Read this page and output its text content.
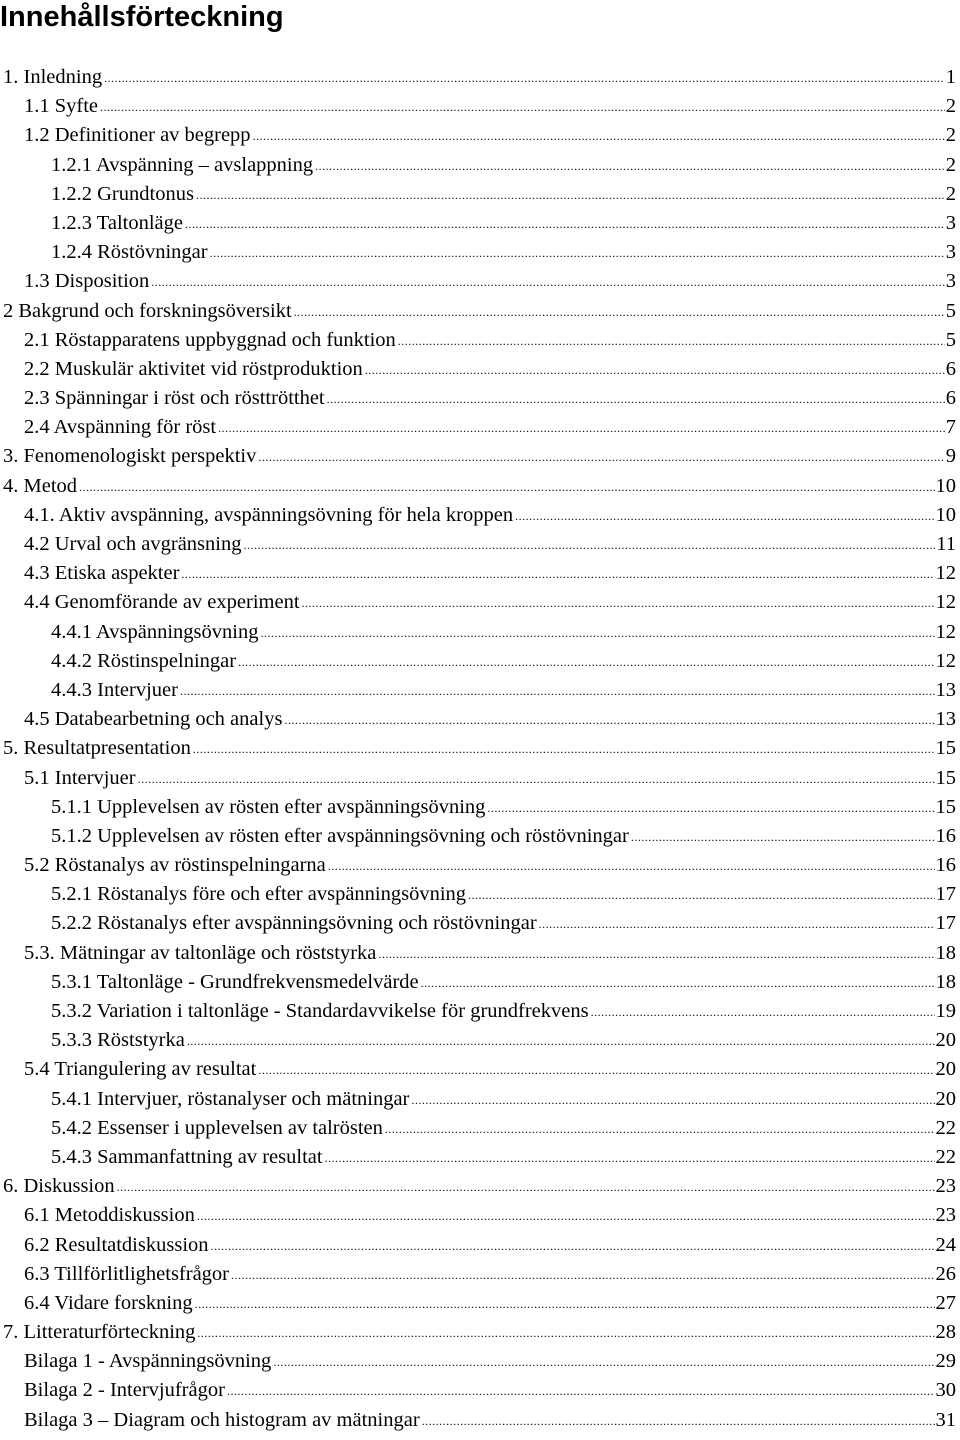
Innehållsförteckning
1. Inledning .....	1
1.1 Syfte .....	2
1.2 Definitioner av begrepp .....	2
1.2.1 Avspänning – avslappning .....	2
1.2.2 Grundtonus .....	2
1.2.3 Taltonläge .....	3
1.2.4 Röstövningar .....	3
1.3 Disposition .....	3
2 Bakgrund och forskningsöversikt .....	5
2.1 Röstapparatens uppbyggnad och funktion .....	5
2.2 Muskulär aktivitet vid röstproduktion .....	6
2.3 Spänningar i röst och rösttrötthet .....	6
2.4 Avspänning för röst .....	7
3. Fenomenologiskt perspektiv .....	9
4. Metod .....	10
4.1. Aktiv avspänning, avspänningsövning för hela kroppen .....	10
4.2 Urval och avgränsning .....	11
4.3 Etiska aspekter .....	12
4.4 Genomförande av experiment .....	12
4.4.1 Avspänningsövning .....	12
4.4.2 Röstinspelningar .....	12
4.4.3 Intervjuer .....	13
4.5 Databearbetning och analys .....	13
5. Resultatpresentation .....	15
5.1 Intervjuer .....	15
5.1.1 Upplevelsen av rösten efter avspänningsövning .....	15
5.1.2 Upplevelsen av rösten efter avspänningsövning och röstövningar .....	16
5.2 Röstanalys av röstinspelningarna .....	16
5.2.1 Röstanalys före och efter avspänningsövning .....	17
5.2.2 Röstanalys efter avspänningsövning och röstövningar .....	17
5.3. Mätningar av taltonläge och röststyrka .....	18
5.3.1 Taltonläge - Grundfrekvensmedelvärde .....	18
5.3.2 Variation i taltonläge - Standardavvikelse för grundfrekvens .....	19
5.3.3 Röststyrka .....	20
5.4 Triangulering av resultat .....	20
5.4.1 Intervjuer, röstanalyser och mätningar .....	20
5.4.2 Essenser i upplevelsen av talrösten .....	22
5.4.3 Sammanfattning av resultat .....	22
6. Diskussion .....	23
6.1 Metoddiskussion .....	23
6.2 Resultatdiskussion .....	24
6.3 Tillförlitlighetsfrågor .....	26
6.4 Vidare forskning .....	27
7. Litteraturförteckning .....	28
Bilaga 1 - Avspänningsövning .....	29
Bilaga 2 - Intervjufrågor .....	30
Bilaga 3 – Diagram och histogram av mätningar .....	31
